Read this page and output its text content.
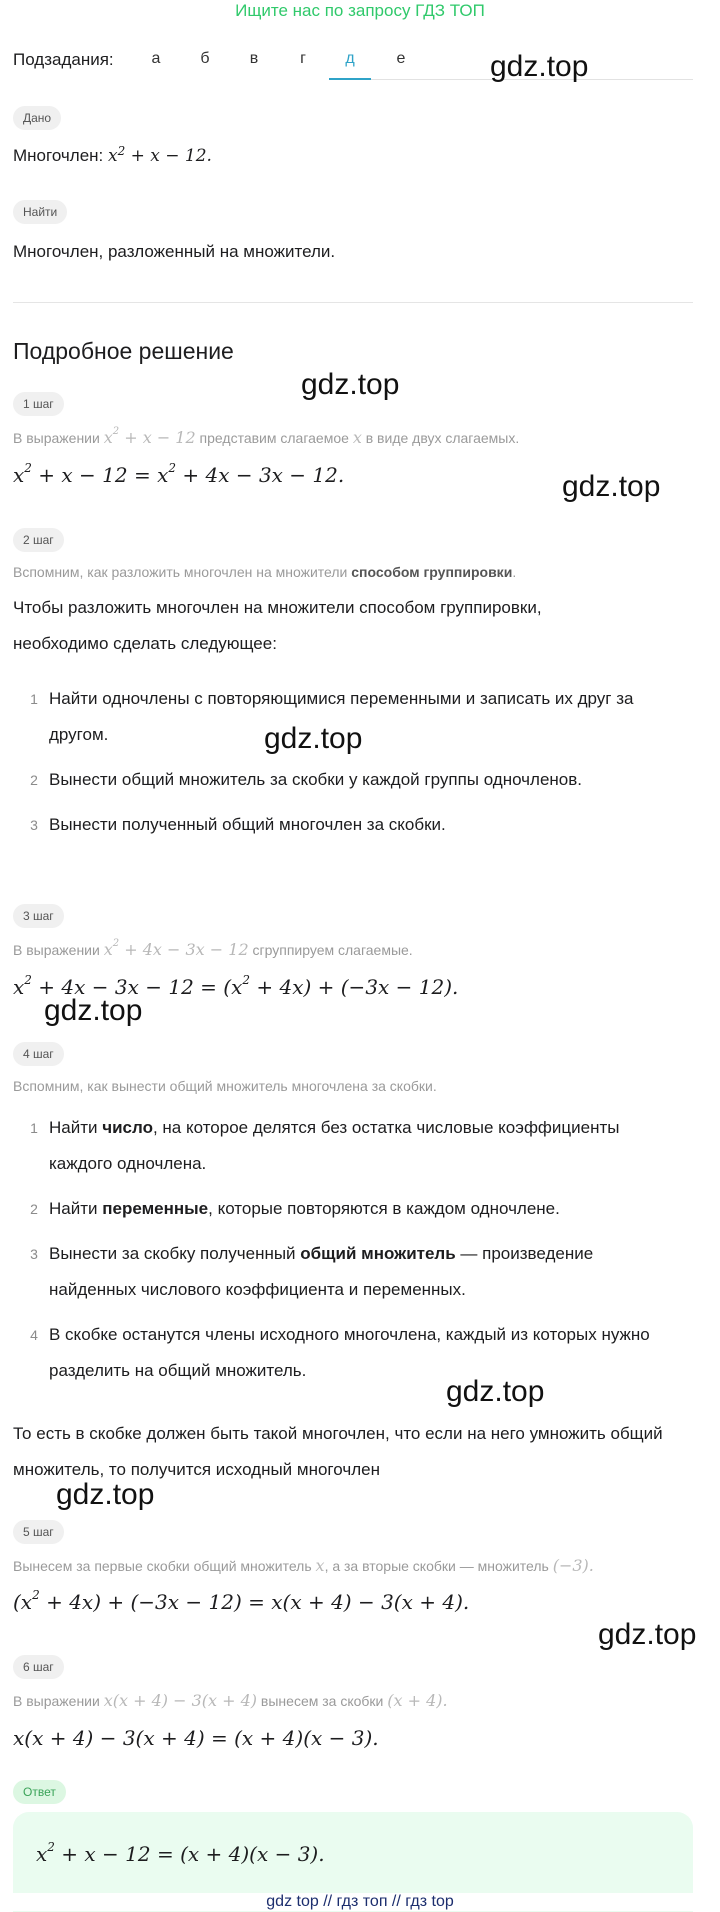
Ищите нас по запросу ГДЗ ТОП
Подзадания:	а	б	в	г	д	е
Дано
Многочлен: $x^2 + x - 12$.
Найти
Многочлен, разложенный на множители.
Подробное решение
1 шаг
В выражении $x^2 + x - 12$ представим слагаемое x в виде двух слагаемых.
$x^2 + x - 12 = x^2 + 4x - 3x - 12$.
2 шаг
Вспомним, как разложить многочлен на множители способом группировки.
Чтобы разложить многочлен на множители способом группировки, необходимо сделать следующее:
1 Найти одночлены с повторяющимися переменными и записать их друг за другом.
2 Вынести общий множитель за скобки у каждой группы одночленов.
3 Вынести полученный общий многочлен за скобки.
3 шаг
В выражении $x^2 + 4x - 3x - 12$ сгруппируем слагаемые.
$x^2 + 4x - 3x - 12 = (x^2 + 4x) + (-3x - 12)$.
4 шаг
Вспомним, как вынести общий множитель многочлена за скобки.
1 Найти число, на которое делятся без остатка числовые коэффициенты каждого одночлена.
2 Найти переменные, которые повторяются в каждом одночлене.
3 Вынести за скобку полученный общий множитель — произведение найденных числового коэффициента и переменных.
4 В скобке останутся члены исходного многочлена, каждый из которых нужно разделить на общий множитель.
То есть в скобке должен быть такой многочлен, что если на него умножить общий множитель, то получится исходный многочлен
5 шаг
Вынесем за первые скобки общий множитель x, а за вторые скобки — множитель (−3).
$(x^2 + 4x) + (-3x - 12) = x(x + 4) - 3(x + 4)$.
6 шаг
В выражении x(x + 4) − 3(x + 4) вынесем за скобки (x + 4).
x(x + 4) − 3(x + 4) = (x + 4)(x − 3).
Ответ
$x^2 + x - 12 = (x + 4)(x - 3)$.
gdz.top
gdz.top
gdz.top
gdz.top
gdz.top
gdz.top
gdz.top
gdz.top
gdz top // гдз топ // гдз top
